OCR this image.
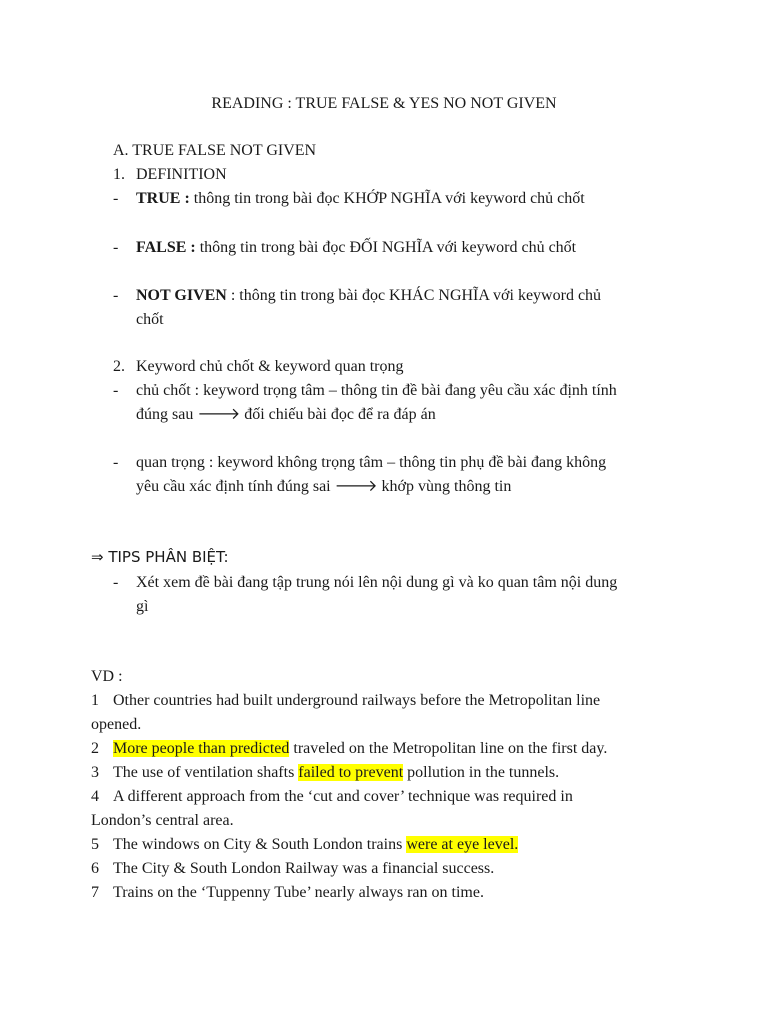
READING : TRUE FALSE & YES NO NOT GIVEN
A. TRUE FALSE NOT GIVEN
1. DEFINITION
- TRUE : thông tin trong bài đọc KHỚP NGHĨA với keyword chủ chốt
- FALSE : thông tin trong bài đọc ĐỐI NGHĨA với keyword chủ chốt
- NOT GIVEN : thông tin trong bài đọc KHÁC NGHĨA với keyword chủ
chốt
2. Keyword chủ chốt & keyword quan trọng
- chủ chốt : keyword trọng tâm – thông tin đề bài đang yêu cầu xác định tính
đúng sau 🡒 đối chiếu bài đọc để ra đáp án
- quan trọng : keyword không trọng tâm – thông tin phụ đề bài đang không
yêu cầu xác định tính đúng sai 🡒 khớp vùng thông tin
⇒ TIPS PHÂN BIỆT:
- Xét xem đề bài đang tập trung nói lên nội dung gì và ko quan tâm nội dung
gì
VD :
1 Other countries had built underground railways before the Metropolitan line
opened.
2 More people than predicted traveled on the Metropolitan line on the first day.
3 The use of ventilation shafts failed to prevent pollution in the tunnels.
4 A different approach from the ‘cut and cover’ technique was required in
London’s central area.
5 The windows on City & South London trains were at eye level.
6 The City & South London Railway was a financial success.
7 Trains on the ‘Tuppenny Tube’ nearly always ran on time.
